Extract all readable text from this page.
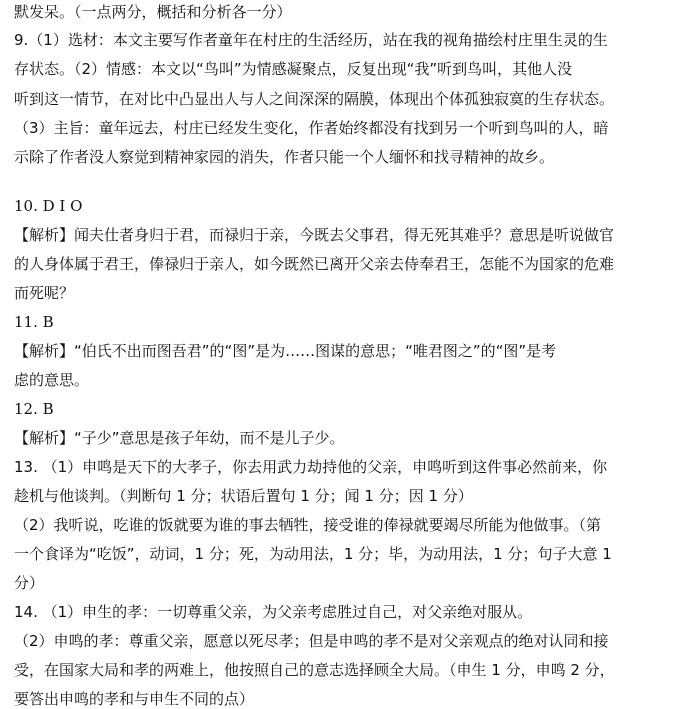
默发呆。（一点两分，概括和分析各一分）
9.（1）选材：本文主要写作者童年在村庄的生活经历，站在我的视角描绘村庄里生灵的生
存状态。（2）情感：本文以“鸟叫”为情感凝聚点，反复出现“我”听到鸟叫，其他人没
听到这一情节，在对比中凸显出人与人之间深深的隔膜，体现出个体孤独寂寞的生存状态。
（3）主旨：童年远去，村庄已经发生变化，作者始终都没有找到另一个听到鸟叫的人，暗
示除了作者没人察觉到精神家园的消失，作者只能一个人缅怀和找寻精神的故乡。
10. D I O
【解析】闻夫仕者身归于君，而禄归于亲，今既去父事君，得无死其难乎？意思是听说做官
的人身体属于君王，俸禄归于亲人，如今既然已离开父亲去侍奉君王，怎能不为国家的危难
而死呢？
11. B
【解析】“伯氏不出而图吾君”的“图”是为……图谋的意思；“唯君图之”的“图”是考
虑的意思。
12. B
【解析】“子少”意思是孩子年幼，而不是儿子少。
13. （1）申鸣是天下的大孝子，你去用武力劫持他的父亲，申鸣听到这件事必然前来，你
趁机与他谈判。（判断句 1 分；状语后置句 1 分；闻 1 分；因 1 分）
（2）我听说，吃谁的饭就要为谁的事去牺牲，接受谁的俸禄就要竭尽所能为他做事。（第
一个食译为“吃饭”，动词，1 分；死，为动用法，1 分；毕，为动用法，1 分；句子大意 1
分）
14. （1）申生的孝：一切尊重父亲，为父亲考虑胜过自己，对父亲绝对服从。
（2）申鸣的孝：尊重父亲，愿意以死尽孝；但是申鸣的孝不是对父亲观点的绝对认同和接
受，在国家大局和孝的两难上，他按照自己的意志选择顾全大局。（申生 1 分，申鸣 2 分，
要答出申鸣的孝和与申生不同的点）
